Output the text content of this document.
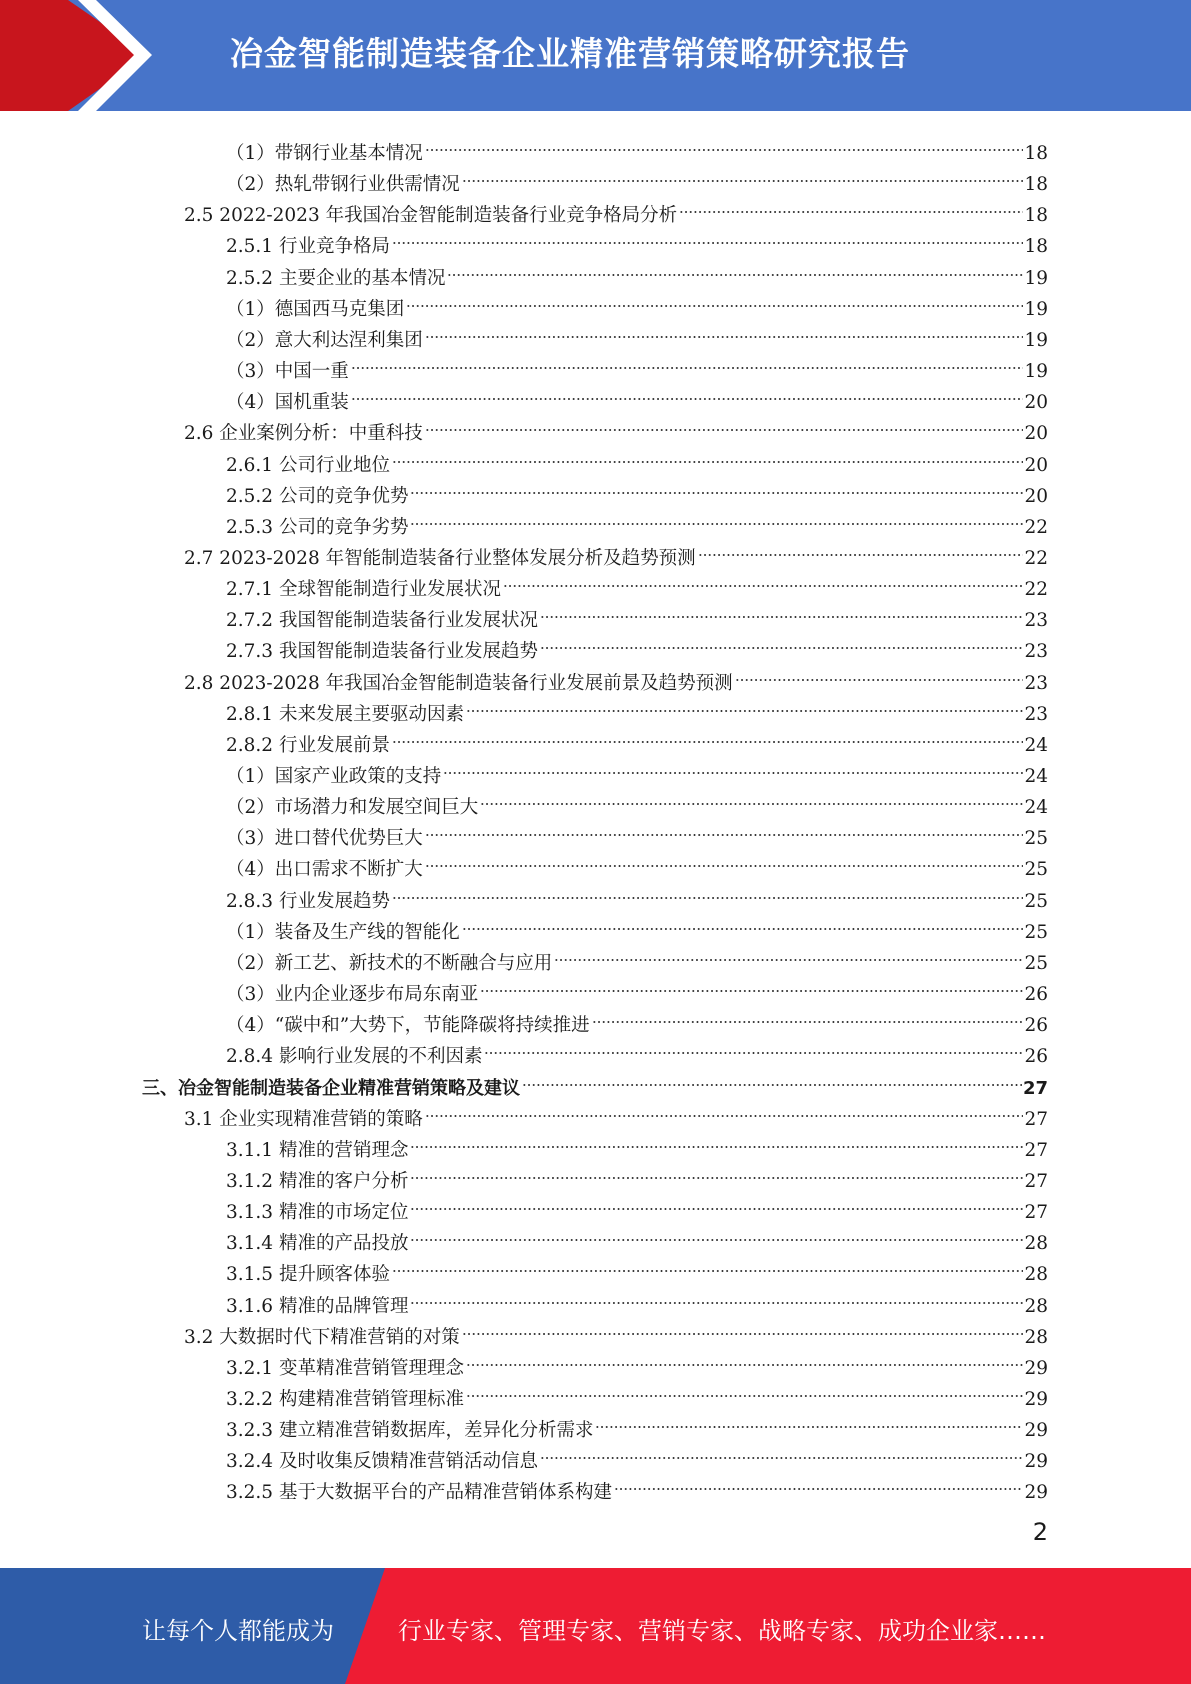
冶金智能制造装备企业精准营销策略研究报告
（1）带钢行业基本情况	18
（2）热轧带钢行业供需情况	18
2.5 2022-2023 年我国冶金智能制造装备行业竞争格局分析	18
2.5.1 行业竞争格局	18
2.5.2 主要企业的基本情况	19
（1）德国西马克集团	19
（2）意大利达涅利集团	19
（3）中国一重	19
（4）国机重装	20
2.6 企业案例分析：中重科技	20
2.6.1 公司行业地位	20
2.5.2 公司的竞争优势	20
2.5.3 公司的竞争劣势	22
2.7 2023-2028 年智能制造装备行业整体发展分析及趋势预测	22
2.7.1 全球智能制造行业发展状况	22
2.7.2 我国智能制造装备行业发展状况	23
2.7.3 我国智能制造装备行业发展趋势	23
2.8 2023-2028 年我国冶金智能制造装备行业发展前景及趋势预测	23
2.8.1 未来发展主要驱动因素	23
2.8.2 行业发展前景	24
（1）国家产业政策的支持	24
（2）市场潜力和发展空间巨大	24
（3）进口替代优势巨大	25
（4）出口需求不断扩大	25
2.8.3 行业发展趋势	25
（1）装备及生产线的智能化	25
（2）新工艺、新技术的不断融合与应用	25
（3）业内企业逐步布局东南亚	26
（4）“碳中和”大势下，节能降碳将持续推进	26
2.8.4 影响行业发展的不利因素	26
三、冶金智能制造装备企业精准营销策略及建议	27
3.1 企业实现精准营销的策略	27
3.1.1 精准的营销理念	27
3.1.2 精准的客户分析	27
3.1.3 精准的市场定位	27
3.1.4 精准的产品投放	28
3.1.5 提升顾客体验	28
3.1.6 精准的品牌管理	28
3.2 大数据时代下精准营销的对策	28
3.2.1 变革精准营销管理理念	29
3.2.2 构建精准营销管理标准	29
3.2.3 建立精准营销数据库，差异化分析需求	29
3.2.4 及时收集反馈精准营销活动信息	29
3.2.5 基于大数据平台的产品精准营销体系构建	29
2
让每个人都能成为	行业专家、管理专家、营销专家、战略专家、成功企业家……
